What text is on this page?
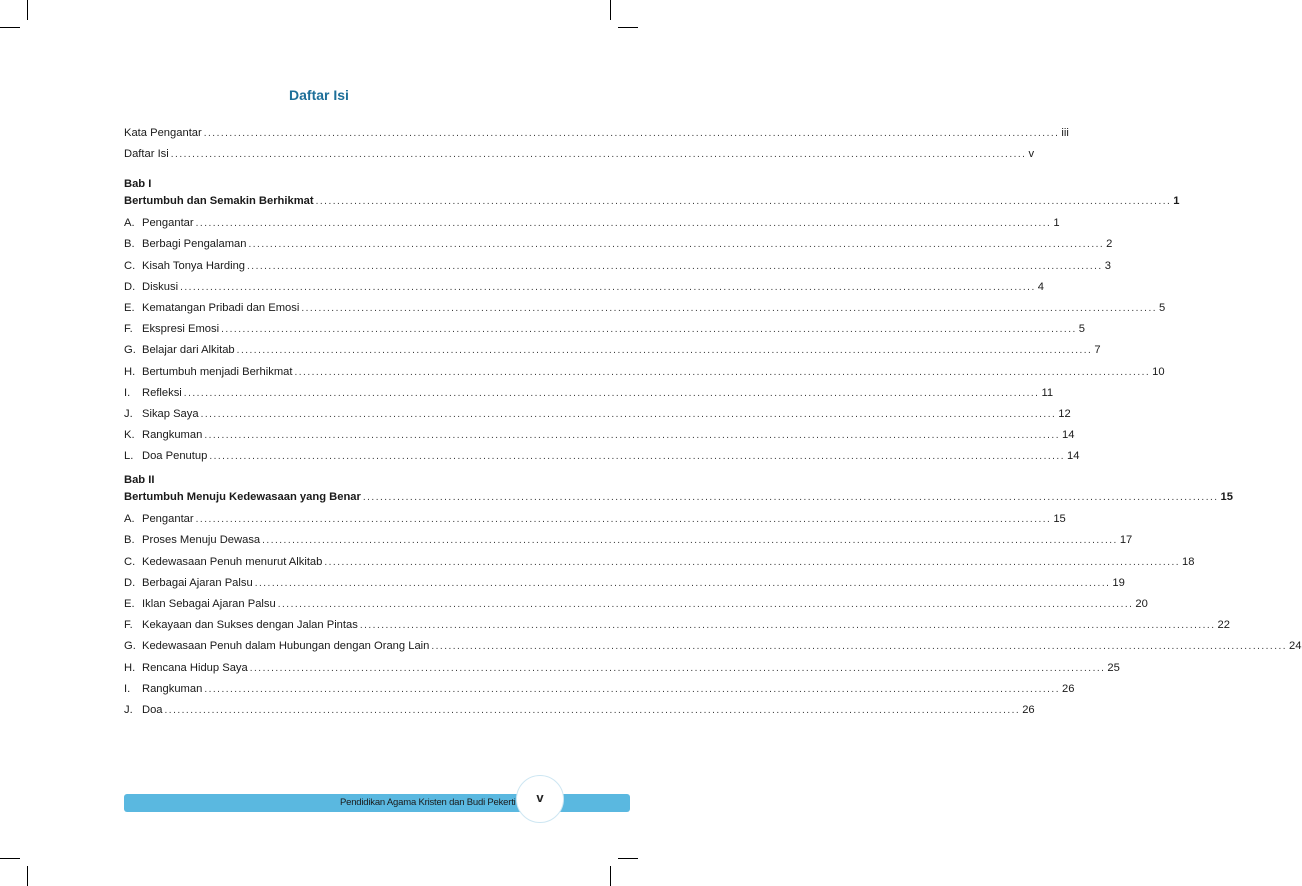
Daftar Isi
Kata Pengantar ........................................................................................................................................................................................................ iii
Daftar Isi ........................................................................................................................................................................................................ v
Bab I
Bertumbuh dan Semakin Berhikmat ........................................................................................................................................................................................................ 1
A. Pengantar ........................................................................................................................................................................................................ 1
B. Berbagi Pengalaman ........................................................................................................................................................................................................ 2
C. Kisah Tonya Harding ........................................................................................................................................................................................................ 3
D. Diskusi ........................................................................................................................................................................................................ 4
E. Kematangan Pribadi dan Emosi ........................................................................................................................................................................................................ 5
F. Ekspresi Emosi ........................................................................................................................................................................................................ 5
G. Belajar dari Alkitab ........................................................................................................................................................................................................ 7
H. Bertumbuh menjadi Berhikmat ........................................................................................................................................................................................................ 10
I.	Refleksi ........................................................................................................................................................................................................ 11
J. Sikap Saya ........................................................................................................................................................................................................ 12
K. Rangkuman ........................................................................................................................................................................................................ 14
L. Doa Penutup ........................................................................................................................................................................................................ 14
Bab II
Bertumbuh Menuju Kedewasaan yang Benar ........................................................................................................................................................................................................ 15
A. Pengantar ........................................................................................................................................................................................................ 15
B. Proses Menuju Dewasa ........................................................................................................................................................................................................ 17
C. Kedewasaan Penuh menurut Alkitab ........................................................................................................................................................................................................ 18
D. Berbagai Ajaran Palsu ........................................................................................................................................................................................................ 19
E. Iklan Sebagai Ajaran Palsu ........................................................................................................................................................................................................ 20
F. Kekayaan dan Sukses dengan Jalan Pintas ........................................................................................................................................................................................................ 22
G. Kedewasaan Penuh dalam Hubungan dengan Orang Lain ........................................................................................................................................................................................................ 24
H. Rencana Hidup Saya ........................................................................................................................................................................................................ 25
I.	Rangkuman ........................................................................................................................................................................................................ 26
J. Doa ........................................................................................................................................................................................................ 26
Pendidikan Agama Kristen dan Budi Pekerti	v
